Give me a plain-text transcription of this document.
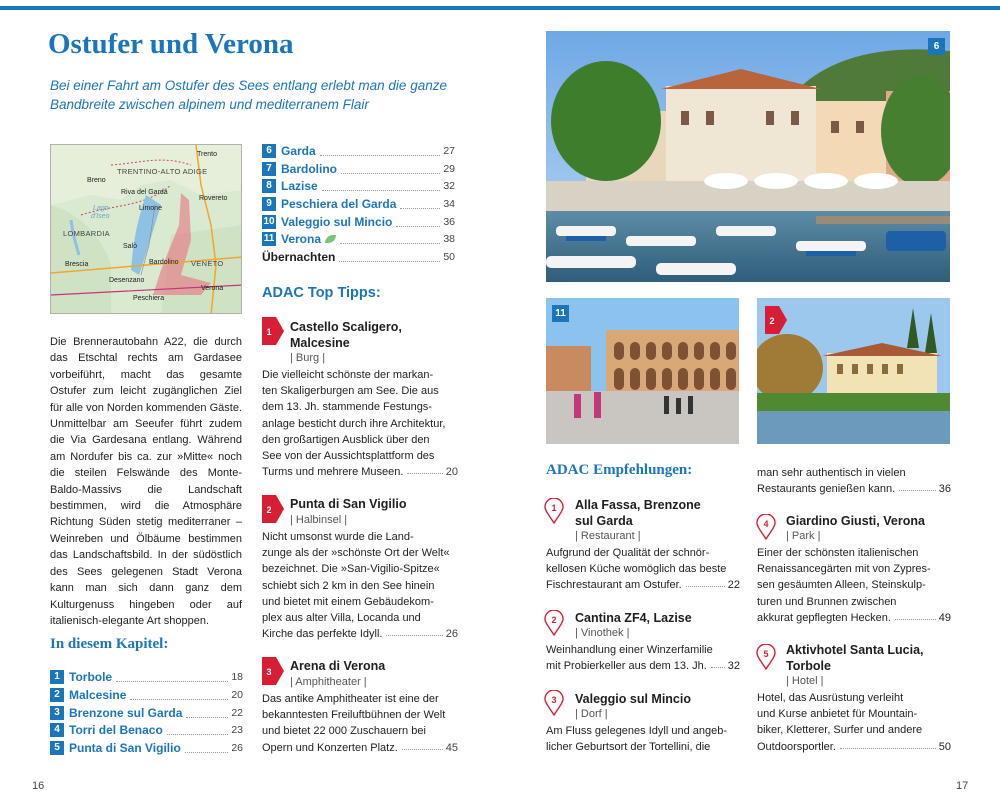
Ostufer und Verona
Bei einer Fahrt am Ostufer des Sees entlang erlebt man die ganze Bandbreite zwischen alpinem und mediterranem Flair
TRENTINO-ALTO ADIGE
LOMBARDIA
VENETO
Lago
d'Iseo
Trento
Breno
Riva del Garda
Rovereto
Limone
Salò
Bardolino
Brescia
Desenzano
Peschiera
Verona
Die Brennerautobahn A22, die durch das Etschtal rechts am Gardasee vorbeiführt, macht das gesamte Ostufer zum leicht zugänglichen Ziel für alle von Norden kommenden Gäste. Unmittelbar am Seeufer führt zudem die Via Gardesana entlang. Während am Nordufer bis ca. zur »Mitte« noch die steilen Felswände des Monte-Baldo-Massivs die Landschaft bestimmen, wird die Atmosphäre Richtung Süden stetig mediterraner – Weinreben und Ölbäume bestimmen das Landschaftsbild. In der südöstlich des Sees gelegenen Stadt Verona kann man sich dann ganz dem Kulturgenuss hingeben oder auf italienisch-elegante Art shoppen.
In diesem Kapitel:
1 Torbole	18
2 Malcesine	20
3 Brenzone sul Garda	22
4 Torri del Benaco	23
5 Punta di San Vigilio	26
6 Garda	27
7 Bardolino	29
8 Lazise	32
9 Peschiera del Garda	34
10 Valeggio sul Mincio	36
11 Verona	38
Übernachten	50
ADAC Top Tipps:
1 Castello Scaligero,
Malcesine
| Burg |
Die vielleicht schönste der markan-
ten Skaligerburgen am See. Die aus
dem 13. Jh. stammende Festungs-
anlage besticht durch ihre Architektur,
den großartigen Ausblick über den
See von der Aussichtsplattform des
Turms und mehrere Museen.	20
2 Punta di San Vigilio
| Halbinsel |
Nicht umsonst wurde die Land-
zunge als der »schönste Ort der Welt«
bezeichnet. Die »San-Vigilio-Spitze«
schiebt sich 2 km in den See hinein
und bietet mit einem Gebäudekom-
plex aus alter Villa, Locanda und
Kirche das perfekte Idyll.	26
3 Arena di Verona
| Amphitheater |
Das antike Amphitheater ist eine der
bekanntesten Freiluftbühnen der Welt
und bietet 22 000 Zuschauern bei
Opern und Konzerten Platz.	45
6
11
2
ADAC Empfehlungen:
1 Alla Fassa, Brenzone
sul Garda
| Restaurant |
Aufgrund der Qualität der schnör-
kellosen Küche womöglich das beste
Fischrestaurant am Ostufer.	22
2 Cantina ZF4, Lazise
| Vinothek |
Weinhandlung einer Winzerfamilie
mit Probierkeller aus dem 13. Jh. 32
3 Valeggio sul Mincio
| Dorf |
Am Fluss gelegenes Idyll und angeb-
licher Geburtsort der Tortellini, die
man sehr authentisch in vielen
Restaurants genießen kann.	36
4 Giardino Giusti, Verona
| Park |
Einer der schönsten italienischen
Renaissancegärten mit von Zypres-
sen gesäumten Alleen, Steinskulp-
turen und Brunnen zwischen
akkurat gepflegten Hecken.	49
5 Aktivhotel Santa Lucia,
Torbole
| Hotel |
Hotel, das Ausrüstung verleiht
und Kurse anbietet für Mountain-
biker, Kletterer, Surfer und andere
Outdoorsportler.	50
16	17
